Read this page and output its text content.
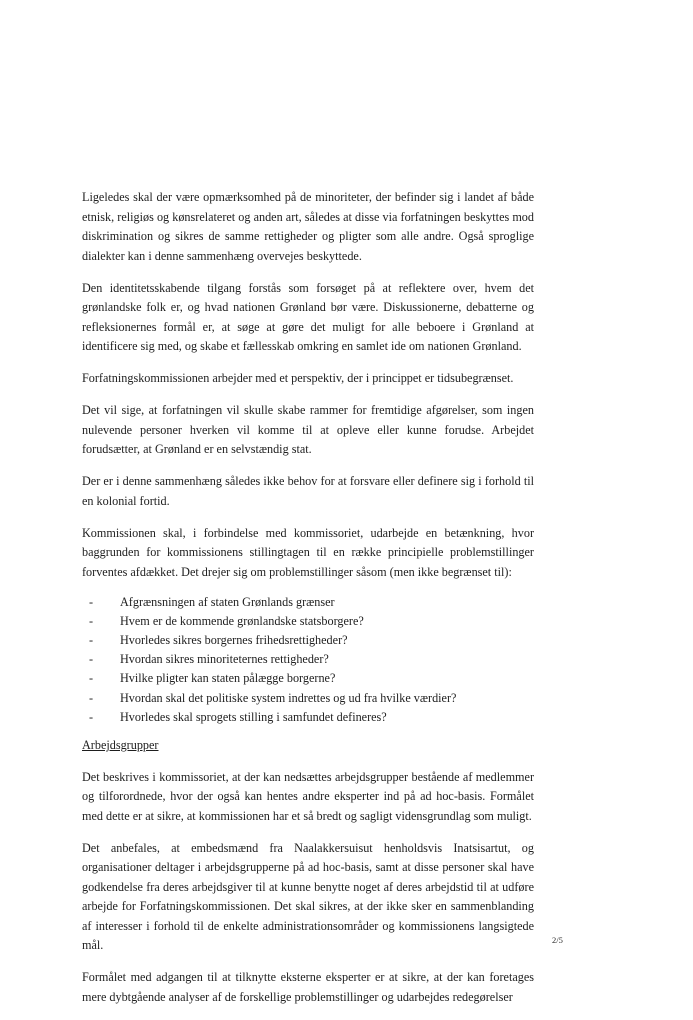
Ligeledes skal der være opmærksomhed på de minoriteter, der befinder sig i landet af både etnisk, religiøs og kønsrelateret og anden art, således at disse via forfatningen beskyttes mod diskrimination og sikres de samme rettigheder og pligter som alle andre. Også sproglige dialekter kan i denne sammenhæng overvejes beskyttede.

Den identitetsskabende tilgang forstås som forsøget på at reflektere over, hvem det grønlandske folk er, og hvad nationen Grønland bør være. Diskussionerne, debatterne og refleksionernes formål er, at søge at gøre det muligt for alle beboere i Grønland at identificere sig med, og skabe et fællesskab omkring en samlet ide om nationen Grønland.

Forfatningskommissionen arbejder med et perspektiv, der i princippet er tidsubegrænset.

Det vil sige, at forfatningen vil skulle skabe rammer for fremtidige afgørelser, som ingen nulevende personer hverken vil komme til at opleve eller kunne forudse. Arbejdet forudsætter, at Grønland er en selvstændig stat.

Der er i denne sammenhæng således ikke behov for at forsvare eller definere sig i forhold til en kolonial fortid.

Kommissionen skal, i forbindelse med kommissoriet, udarbejde en betænkning, hvor baggrunden for kommissionens stillingtagen til en række principielle problemstillinger forventes afdækket. Det drejer sig om problemstillinger såsom (men ikke begrænset til):

- Afgrænsningen af staten Grønlands grænser
- Hvem er de kommende grønlandske statsborgere?
- Hvorledes sikres borgernes frihedsrettigheder?
- Hvordan sikres minoriteternes rettigheder?
- Hvilke pligter kan staten pålægge borgerne?
- Hvordan skal det politiske system indrettes og ud fra hvilke værdier?
- Hvorledes skal sprogets stilling i samfundet defineres?

Arbejdsgrupper

Det beskrives i kommissoriet, at der kan nedsættes arbejdsgrupper bestående af medlemmer og tilforordnede, hvor der også kan hentes andre eksperter ind på ad hoc-basis. Formålet med dette er at sikre, at kommissionen har et så bredt og sagligt vidensgrundlag som muligt.

Det anbefales, at embedsmænd fra Naalakkersuisut henholdsvis Inatsisartut, og organisationer deltager i arbejdsgrupperne på ad hoc-basis, samt at disse personer skal have godkendelse fra deres arbejdsgiver til at kunne benytte noget af deres arbejdstid til at udføre arbejde for Forfatningskommissionen. Det skal sikres, at der ikke sker en sammenblanding af interesser i forhold til de enkelte administrationsområder og kommissionens langsigtede mål.

Formålet med adgangen til at tilknytte eksterne eksperter er at sikre, at der kan foretages mere dybtgående analyser af de forskellige problemstillinger og udarbejdes redegørelser

2/5
